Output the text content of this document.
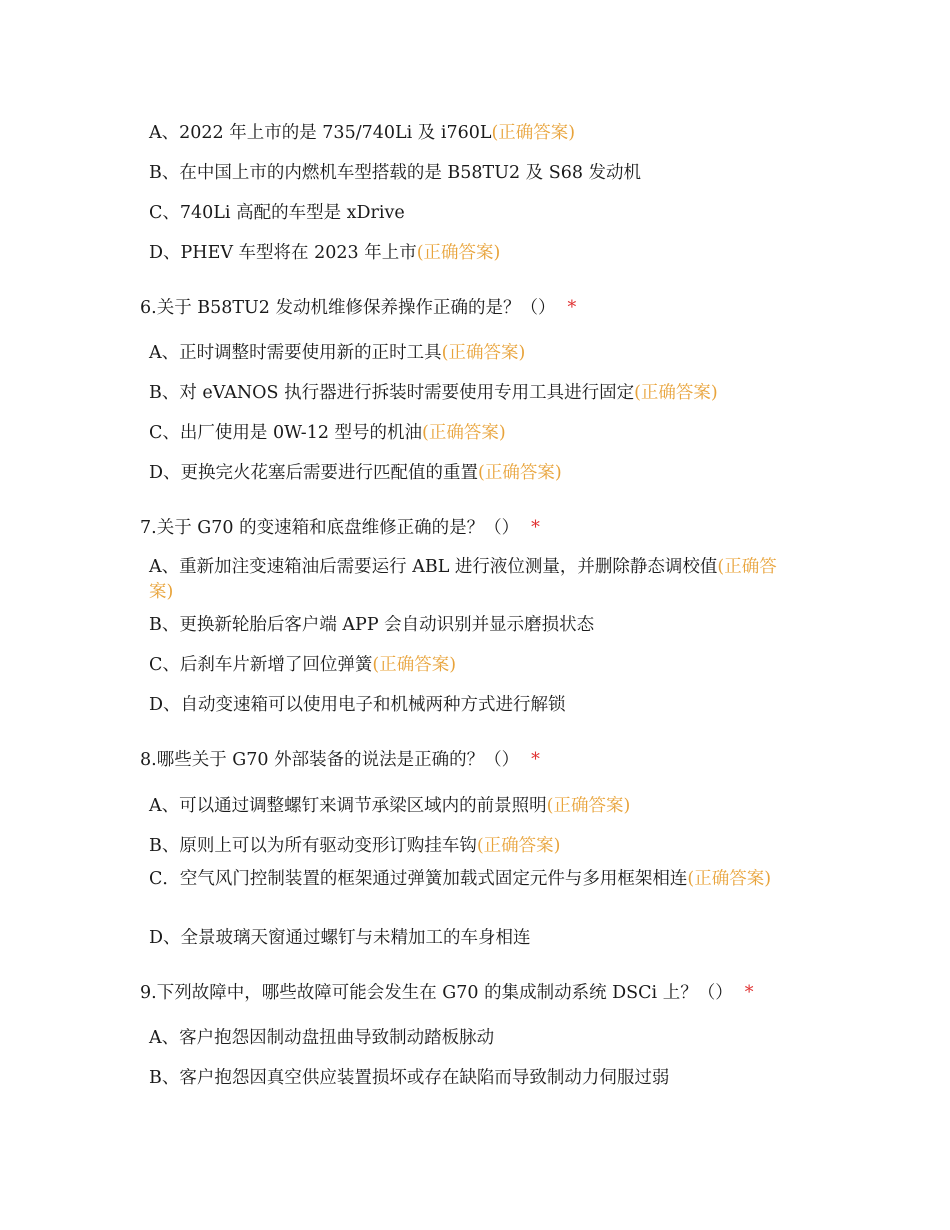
A、2022 年上市的是 735/740Li 及 i760L(正确答案)
B、在中国上市的内燃机车型搭载的是 B58TU2 及 S68 发动机
C、740Li 高配的车型是 xDrive
D、PHEV 车型将在 2023 年上市(正确答案)
6.关于 B58TU2 发动机维修保养操作正确的是？（） *
A、正时调整时需要使用新的正时工具(正确答案)
B、对 eVANOS 执行器进行拆装时需要使用专用工具进行固定(正确答案)
C、出厂使用是 0W-12 型号的机油(正确答案)
D、更换完火花塞后需要进行匹配值的重置(正确答案)
7.关于 G70 的变速箱和底盘维修正确的是？（） *
A、重新加注变速箱油后需要运行 ABL 进行液位测量，并删除静态调校值(正确答案)
B、更换新轮胎后客户端 APP 会自动识别并显示磨损状态
C、后刹车片新增了回位弹簧(正确答案)
D、自动变速箱可以使用电子和机械两种方式进行解锁
8.哪些关于 G70 外部装备的说法是正确的？（） *
A、可以通过调整螺钉来调节承梁区域内的前景照明(正确答案)
B、原则上可以为所有驱动变形订购挂车钩(正确答案)
C．空气风门控制装置的框架通过弹簧加载式固定元件与多用框架相连(正确答案)
D、全景玻璃天窗通过螺钉与未精加工的车身相连
9.下列故障中，哪些故障可能会发生在 G70 的集成制动系统 DSCi 上？（） *
A、客户抱怨因制动盘扭曲导致制动踏板脉动
B、客户抱怨因真空供应装置损坏或存在缺陷而导致制动力伺服过弱
